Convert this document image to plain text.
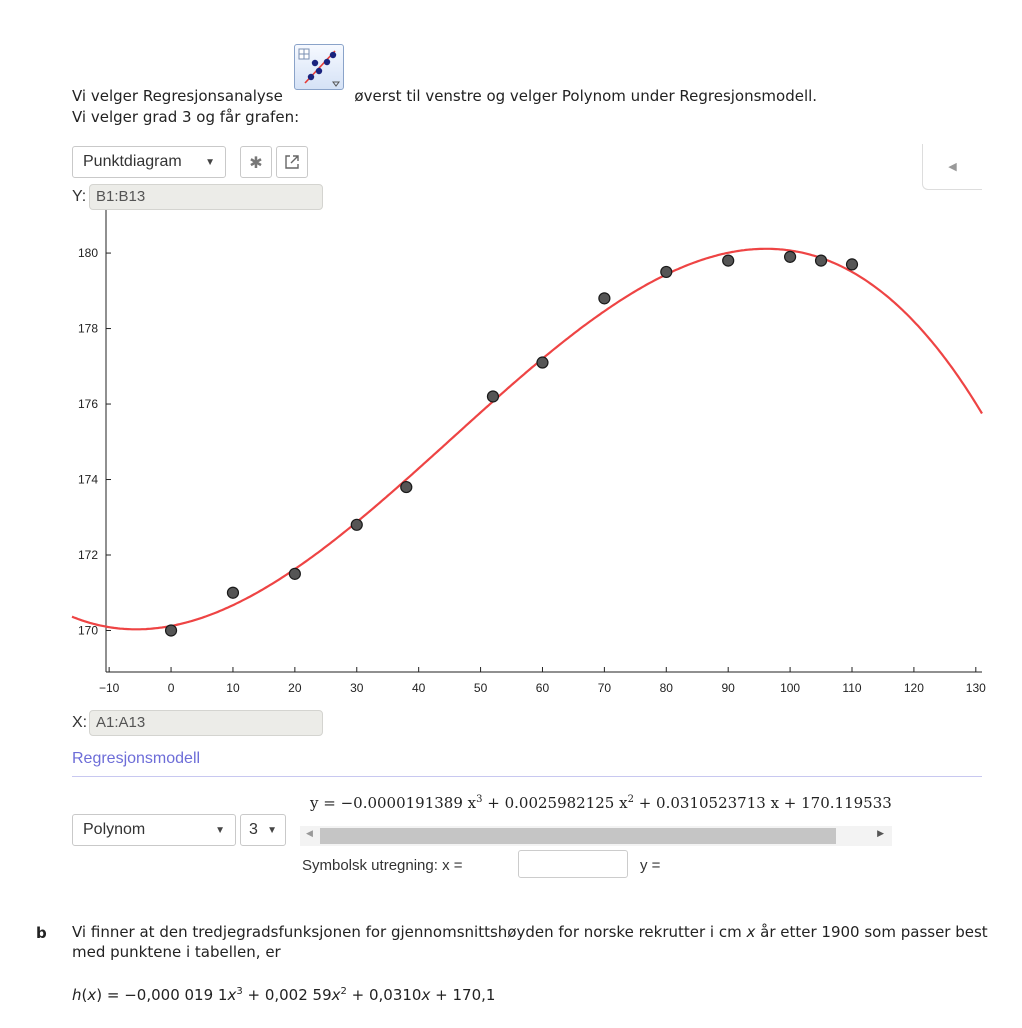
Vi velger Regresjonsanalyse	øverst til venstre og velger Polynom under Regresjonsmodell.
Vi velger grad 3 og får grafen:
Punktdiagram ▼ ✱	◀
Y: B1:B13
170
172
174
176
178
180
−10	0	10	20	30	40	50	60	70	80	90	100	110	120	130
X: A1:A13
Regresjonsmodell
y = −0.0000191389 $x^3 + 0.0025982125$ $x^2 + 0.0310523713$ x + 170.119533
Polynom	▼ 3 ▼	◀	▶
Symbolsk utregning: x =	y =
b Vi finner at den tredjegradsfunksjonen for gjennomsnittshøyden for norske rekrutter i cm x år etter 1900 som passer best med punktene i tabellen, er
h(x) = −0,000 019 $1x^3 + 0,002$ $59x^2 + 0,0310x + 170,1$
